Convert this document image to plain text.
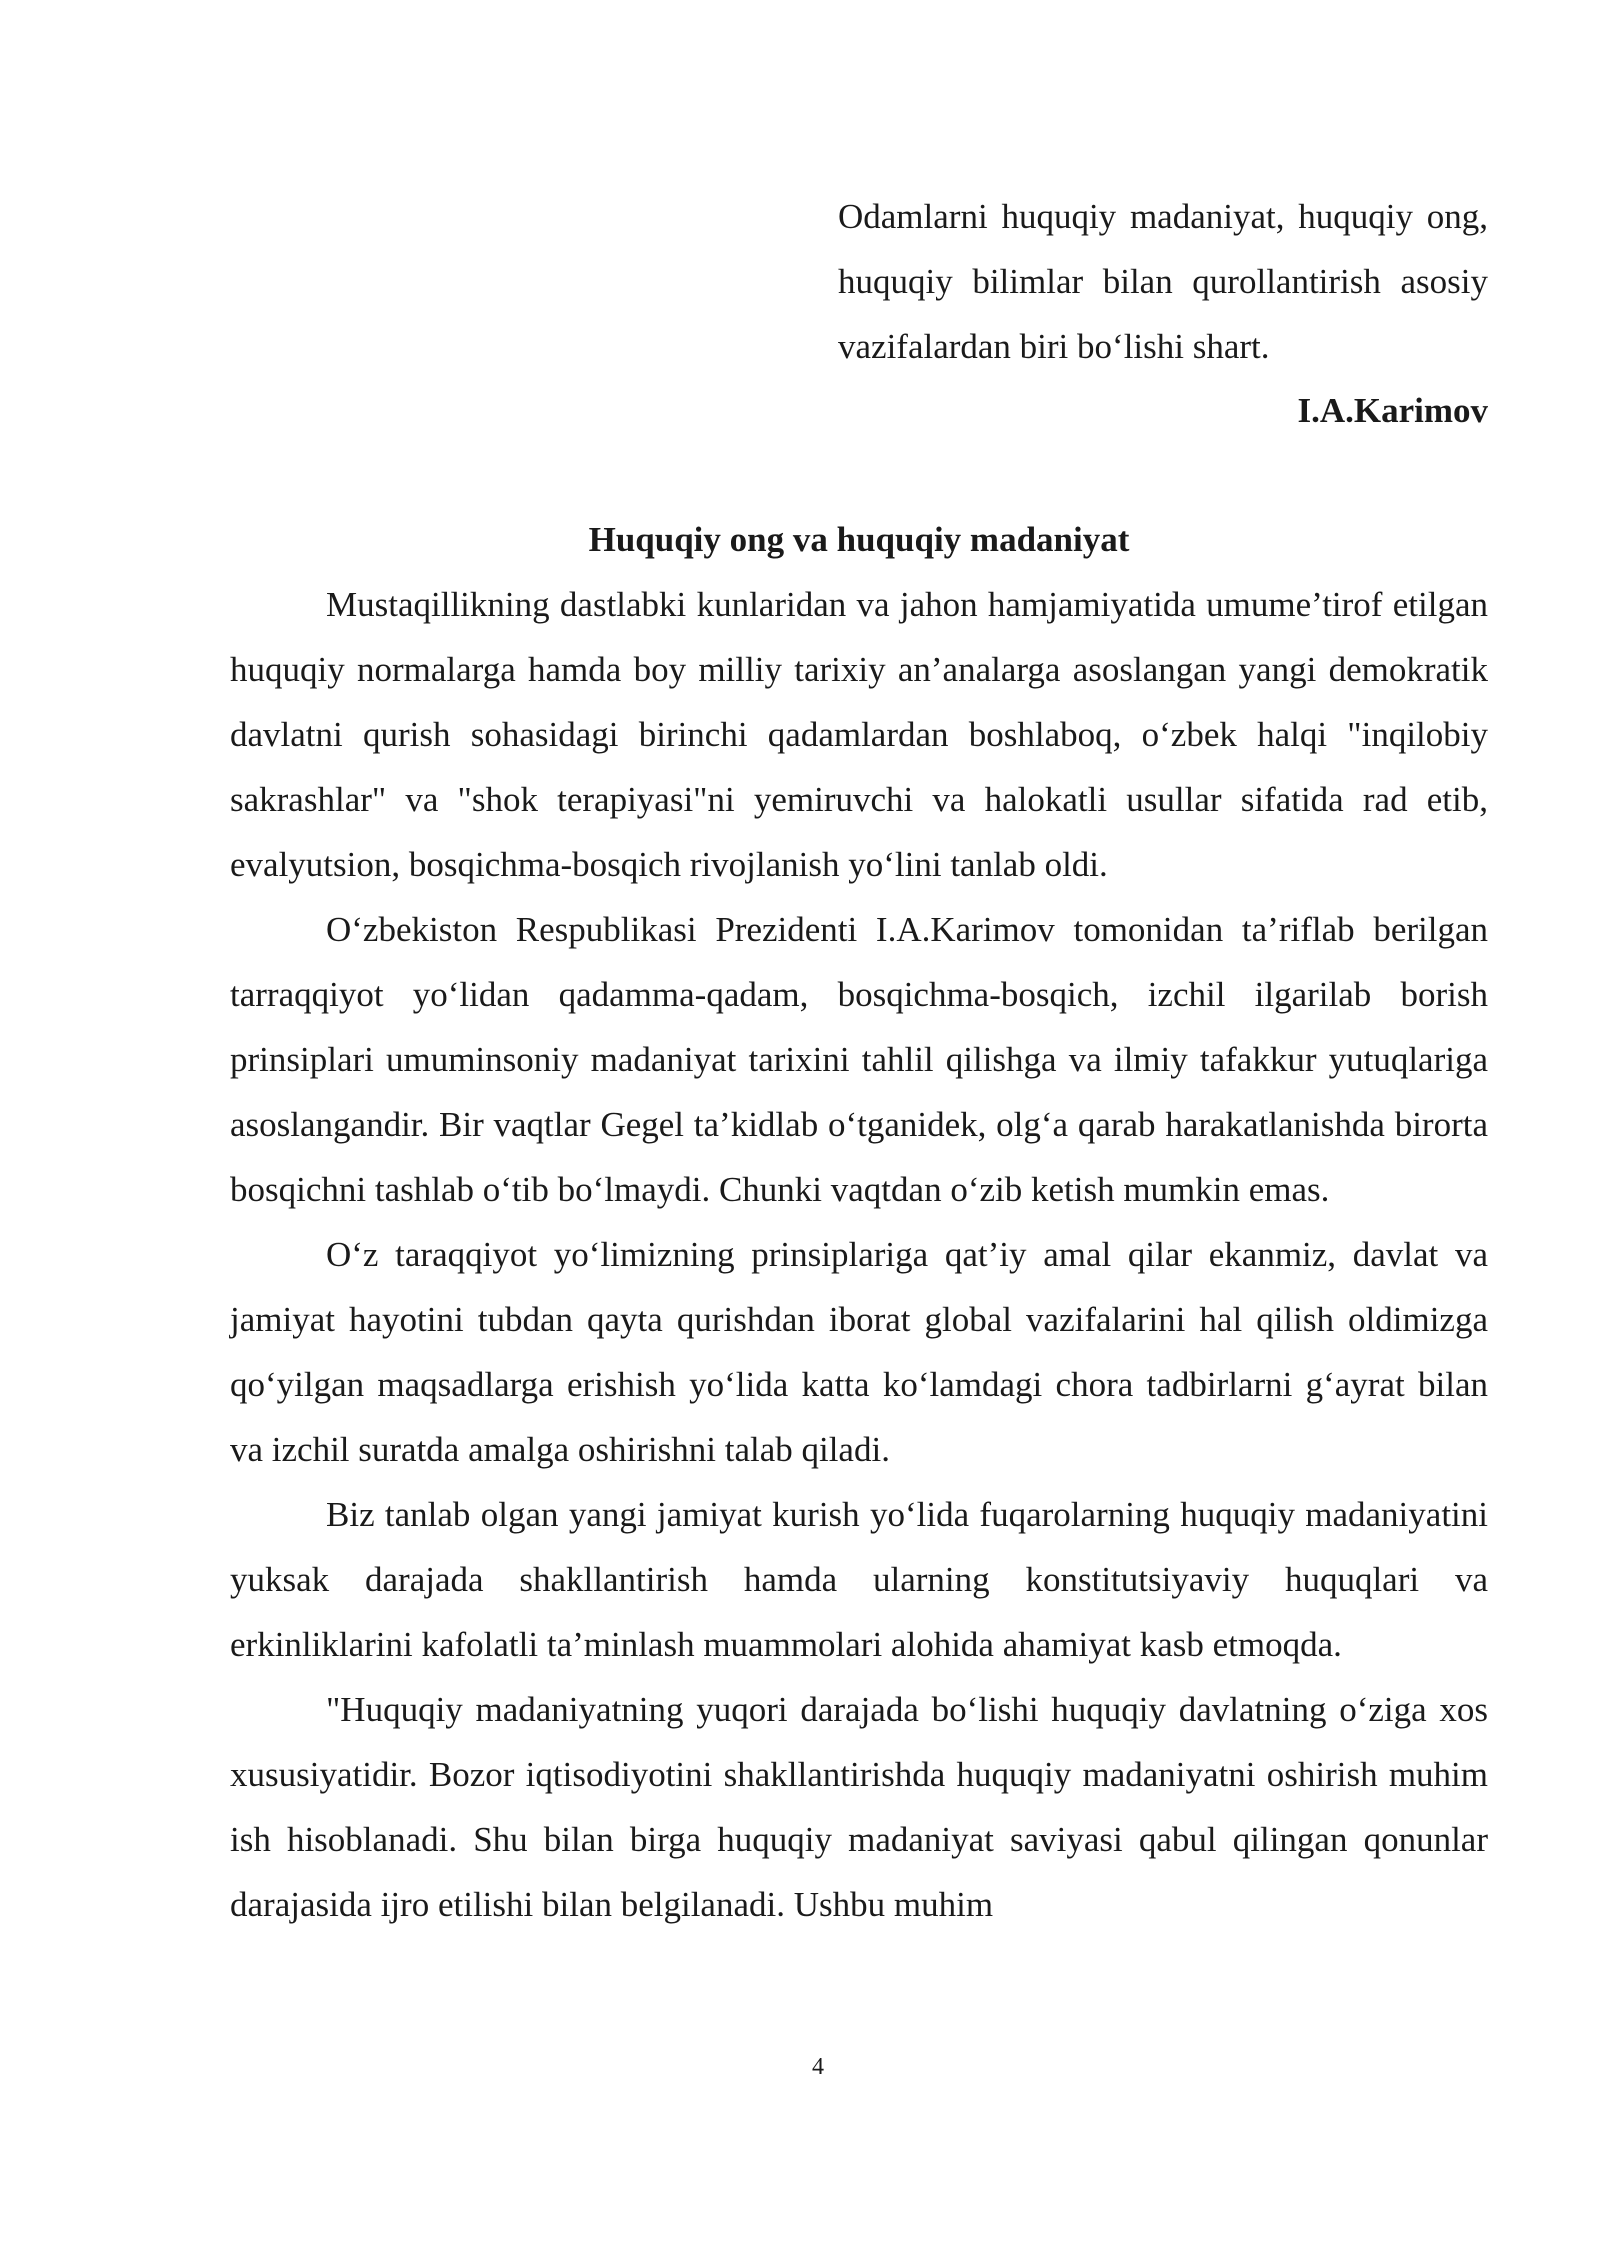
Odamlarni huquqiy madaniyat, huquqiy ong, huquqiy bilimlar bilan qurollantirish asosiy vazifalardan biri bo‘lishi shart.
I.A.Karimov
Huquqiy ong va huquqiy madaniyat

Mustaqillikning dastlabki kunlaridan va jahon hamjamiyatida umume’tirof etilgan huquqiy normalarga hamda boy milliy tarixiy an’analarga asoslangan yangi demokratik davlatni qurish sohasidagi birinchi qadamlardan boshlaboq, o‘zbek halqi "inqilobiy sakrashlar" va "shok terapiyasi"ni yemiruvchi va halokatli usullar sifatida rad etib, evalyutsion, bosqichma-bosqich rivojlanish yo‘lini tanlab oldi.

O‘zbekiston Respublikasi Prezidenti I.A.Karimov tomonidan ta’riflab berilgan tarraqqiyot yo‘lidan qadamma-qadam, bosqichma-bosqich, izchil ilgarilab borish prinsiplari umuminsoniy madaniyat tarixini tahlil qilishga va ilmiy tafakkur yutuqlariga asoslangandir. Bir vaqtlar Gegel ta’kidlab o‘tganidek, olg‘a qarab harakatlanishda birorta bosqichni tashlab o‘tib bo‘lmaydi. Chunki vaqtdan o‘zib ketish mumkin emas.

O‘z taraqqiyot yo‘limizning prinsiplariga qat’iy amal qilar ekanmiz, davlat va jamiyat hayotini tubdan qayta qurishdan iborat global vazifalarini hal qilish oldimizga qo‘yilgan maqsadlarga erishish yo‘lida katta ko‘lamdagi chora tadbirlarni g‘ayrat bilan va izchil suratda amalga oshirishni talab qiladi.

Biz tanlab olgan yangi jamiyat kurish yo‘lida fuqarolarning huquqiy madaniyatini yuksak darajada shakllantirish hamda ularning konstitutsiyaviy huquqlari va erkinliklarini kafolatli ta’minlash muammolari alohida ahamiyat kasb etmoqda.

"Huquqiy madaniyatning yuqori darajada bo‘lishi huquqiy davlatning o‘ziga xos xususiyatidir. Bozor iqtisodiyotini shakllantirishda huquqiy madaniyatni oshirish muhim ish hisoblanadi. Shu bilan birga huquqiy madaniyat saviyasi qabul qilingan qonunlar darajasida ijro etilishi bilan belgilanadi. Ushbu muhim

4
